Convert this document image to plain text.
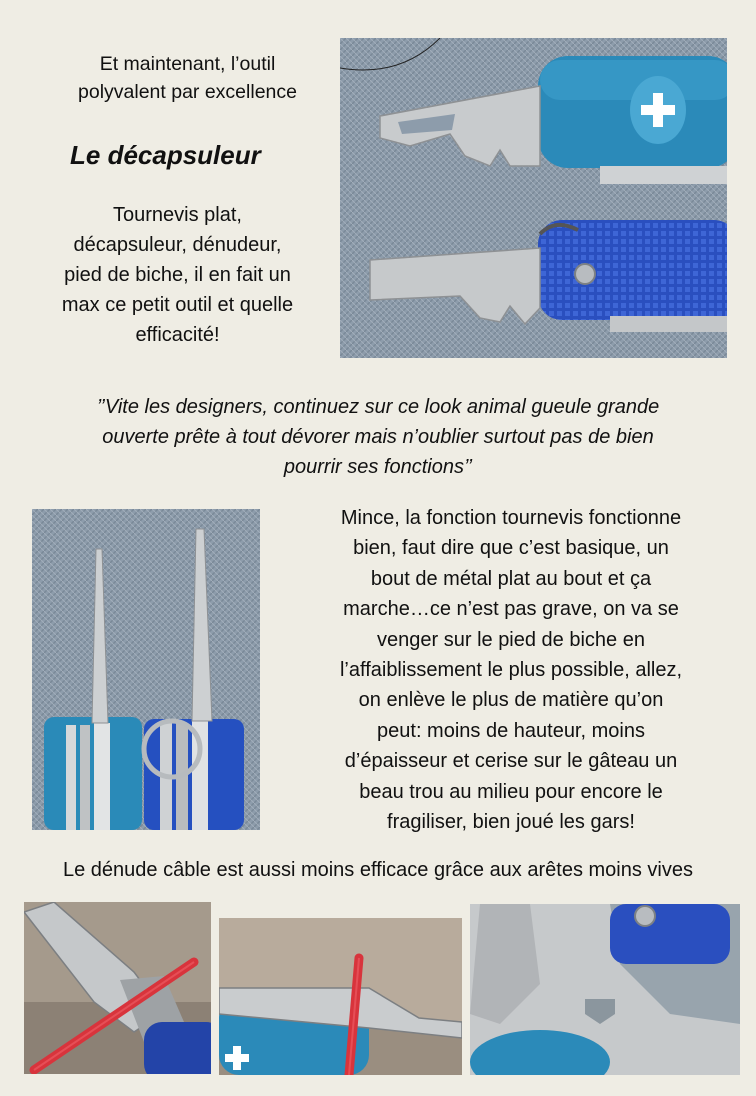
Et maintenant, l’outil
polyvalent par excellence
Le décapsuleur
Tournevis plat,
décapsuleur, dénudeur,
pied de biche, il en fait un
max ce petit outil et quelle
efficacité!
’’Vite les designers, continuez sur ce look animal gueule grande
ouverte prête à tout dévorer mais n’oublier surtout pas de bien
pourrir ses fonctions’’
Mince, la fonction tournevis fonctionne
bien, faut dire que c’est basique, un
bout de métal plat au bout et ça
marche…ce n’est pas grave, on va se
venger sur le pied de biche en
l’affaiblissement le plus possible, allez,
on enlève le plus de matière qu’on
peut: moins de hauteur, moins
d’épaisseur et cerise sur le gâteau un
beau trou au milieu pour encore le
fragiliser, bien joué les gars!
Le dénude câble est aussi moins efficace grâce aux arêtes moins vives
